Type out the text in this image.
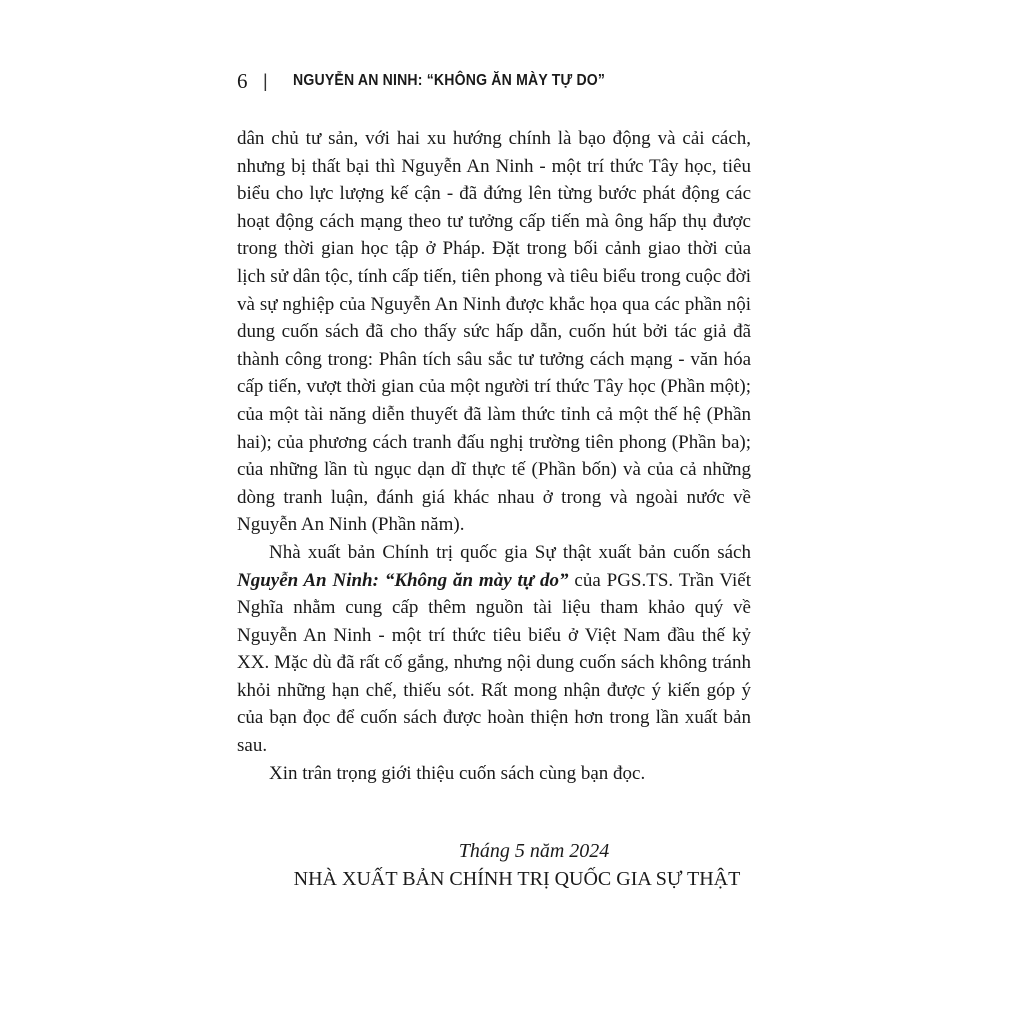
6 |	NGUYỄN AN NINH: “KHÔNG ĂN MÀY TỰ DO”

dân chủ tư sản, với hai xu hướng chính là bạo động và cải cách, nhưng bị thất bại thì Nguyễn An Ninh - một trí thức Tây học, tiêu biểu cho lực lượng kế cận - đã đứng lên từng bước phát động các hoạt động cách mạng theo tư tưởng cấp tiến mà ông hấp thụ được trong thời gian học tập ở Pháp. Đặt trong bối cảnh giao thời của lịch sử dân tộc, tính cấp tiến, tiên phong và tiêu biểu trong cuộc đời và sự nghiệp của Nguyễn An Ninh được khắc họa qua các phần nội dung cuốn sách đã cho thấy sức hấp dẫn, cuốn hút bởi tác giả đã thành công trong: Phân tích sâu sắc tư tưởng cách mạng - văn hóa cấp tiến, vượt thời gian của một người trí thức Tây học (Phần một); của một tài năng diễn thuyết đã làm thức tỉnh cả một thế hệ (Phần hai); của phương cách tranh đấu nghị trường tiên phong (Phần ba); của những lần tù ngục dạn dĩ thực tế (Phần bốn) và của cả những dòng tranh luận, đánh giá khác nhau ở trong và ngoài nước về Nguyễn An Ninh (Phần năm).

Nhà xuất bản Chính trị quốc gia Sự thật xuất bản cuốn sách Nguyễn An Ninh: “Không ăn mày tự do” của PGS.TS. Trần Viết Nghĩa nhằm cung cấp thêm nguồn tài liệu tham khảo quý về Nguyễn An Ninh - một trí thức tiêu biểu ở Việt Nam đầu thế kỷ XX. Mặc dù đã rất cố gắng, nhưng nội dung cuốn sách không tránh khỏi những hạn chế, thiếu sót. Rất mong nhận được ý kiến góp ý của bạn đọc để cuốn sách được hoàn thiện hơn trong lần xuất bản sau.

Xin trân trọng giới thiệu cuốn sách cùng bạn đọc.

Tháng 5 năm 2024
NHÀ XUẤT BẢN CHÍNH TRỊ QUỐC GIA SỰ THẬT
